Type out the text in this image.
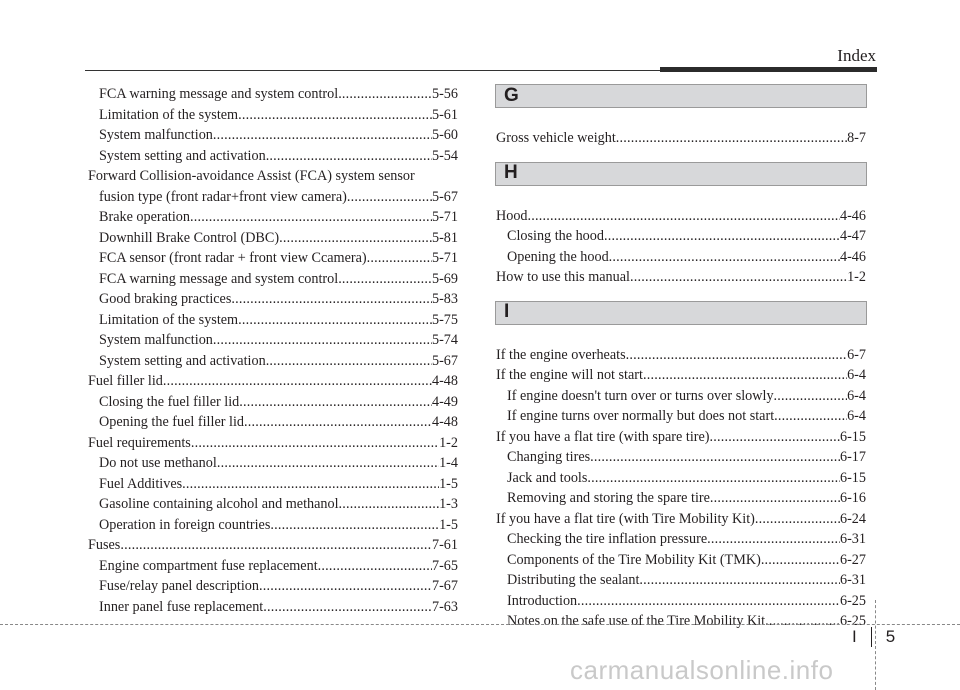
Index
FCA warning message and system control .....	5-56
Limitation of the system .....	5-61
System malfunction .....	5-60
System setting and activation .....	5-54
Forward Collision-avoidance Assist (FCA) system sensor
fusion type (front radar+front view camera) .....	5-67
Brake operation .....	5-71
Downhill Brake Control (DBC) .....	5-81
FCA sensor (front radar + front view Ccamera) .....	5-71
FCA warning message and system control .....	5-69
Good braking practices .....	5-83
Limitation of the system .....	5-75
System malfunction .....	5-74
System setting and activation .....	5-67
Fuel filler lid .....	4-48
Closing the fuel filler lid .....	4-49
Opening the fuel filler lid .....	4-48
Fuel requirements .....	1-2
Do not use methanol .....	1-4
Fuel Additives .....	1-5
Gasoline containing alcohol and methanol .....	1-3
Operation in foreign countries .....	1-5
Fuses .....	7-61
Engine compartment fuse replacement .....	7-65
Fuse/relay panel description .....	7-67
Inner panel fuse replacement .....	7-63
G
Gross vehicle weight .....	8-7
H
Hood .....	4-46
Closing the hood .....	4-47
Opening the hood .....	4-46
How to use this manual .....	1-2
I
If the engine overheats .....	6-7
If the engine will not start .....	6-4
If engine doesn't turn over or turns over slowly .....	6-4
If engine turns over normally but does not start .....	6-4
If you have a flat tire (with spare tire) .....	6-15
Changing tires .....	6-17
Jack and tools .....	6-15
Removing and storing the spare tire .....	6-16
If you have a flat tire (with Tire Mobility Kit) .....	6-24
Checking the tire inflation pressure .....	6-31
Components of the Tire Mobility Kit (TMK) .....	6-27
Distributing the sealant .....	6-31
Introduction .....	6-25
Notes on the safe use of the Tire Mobility Kit .....	6-25
I 5
carmanualsonline.info
